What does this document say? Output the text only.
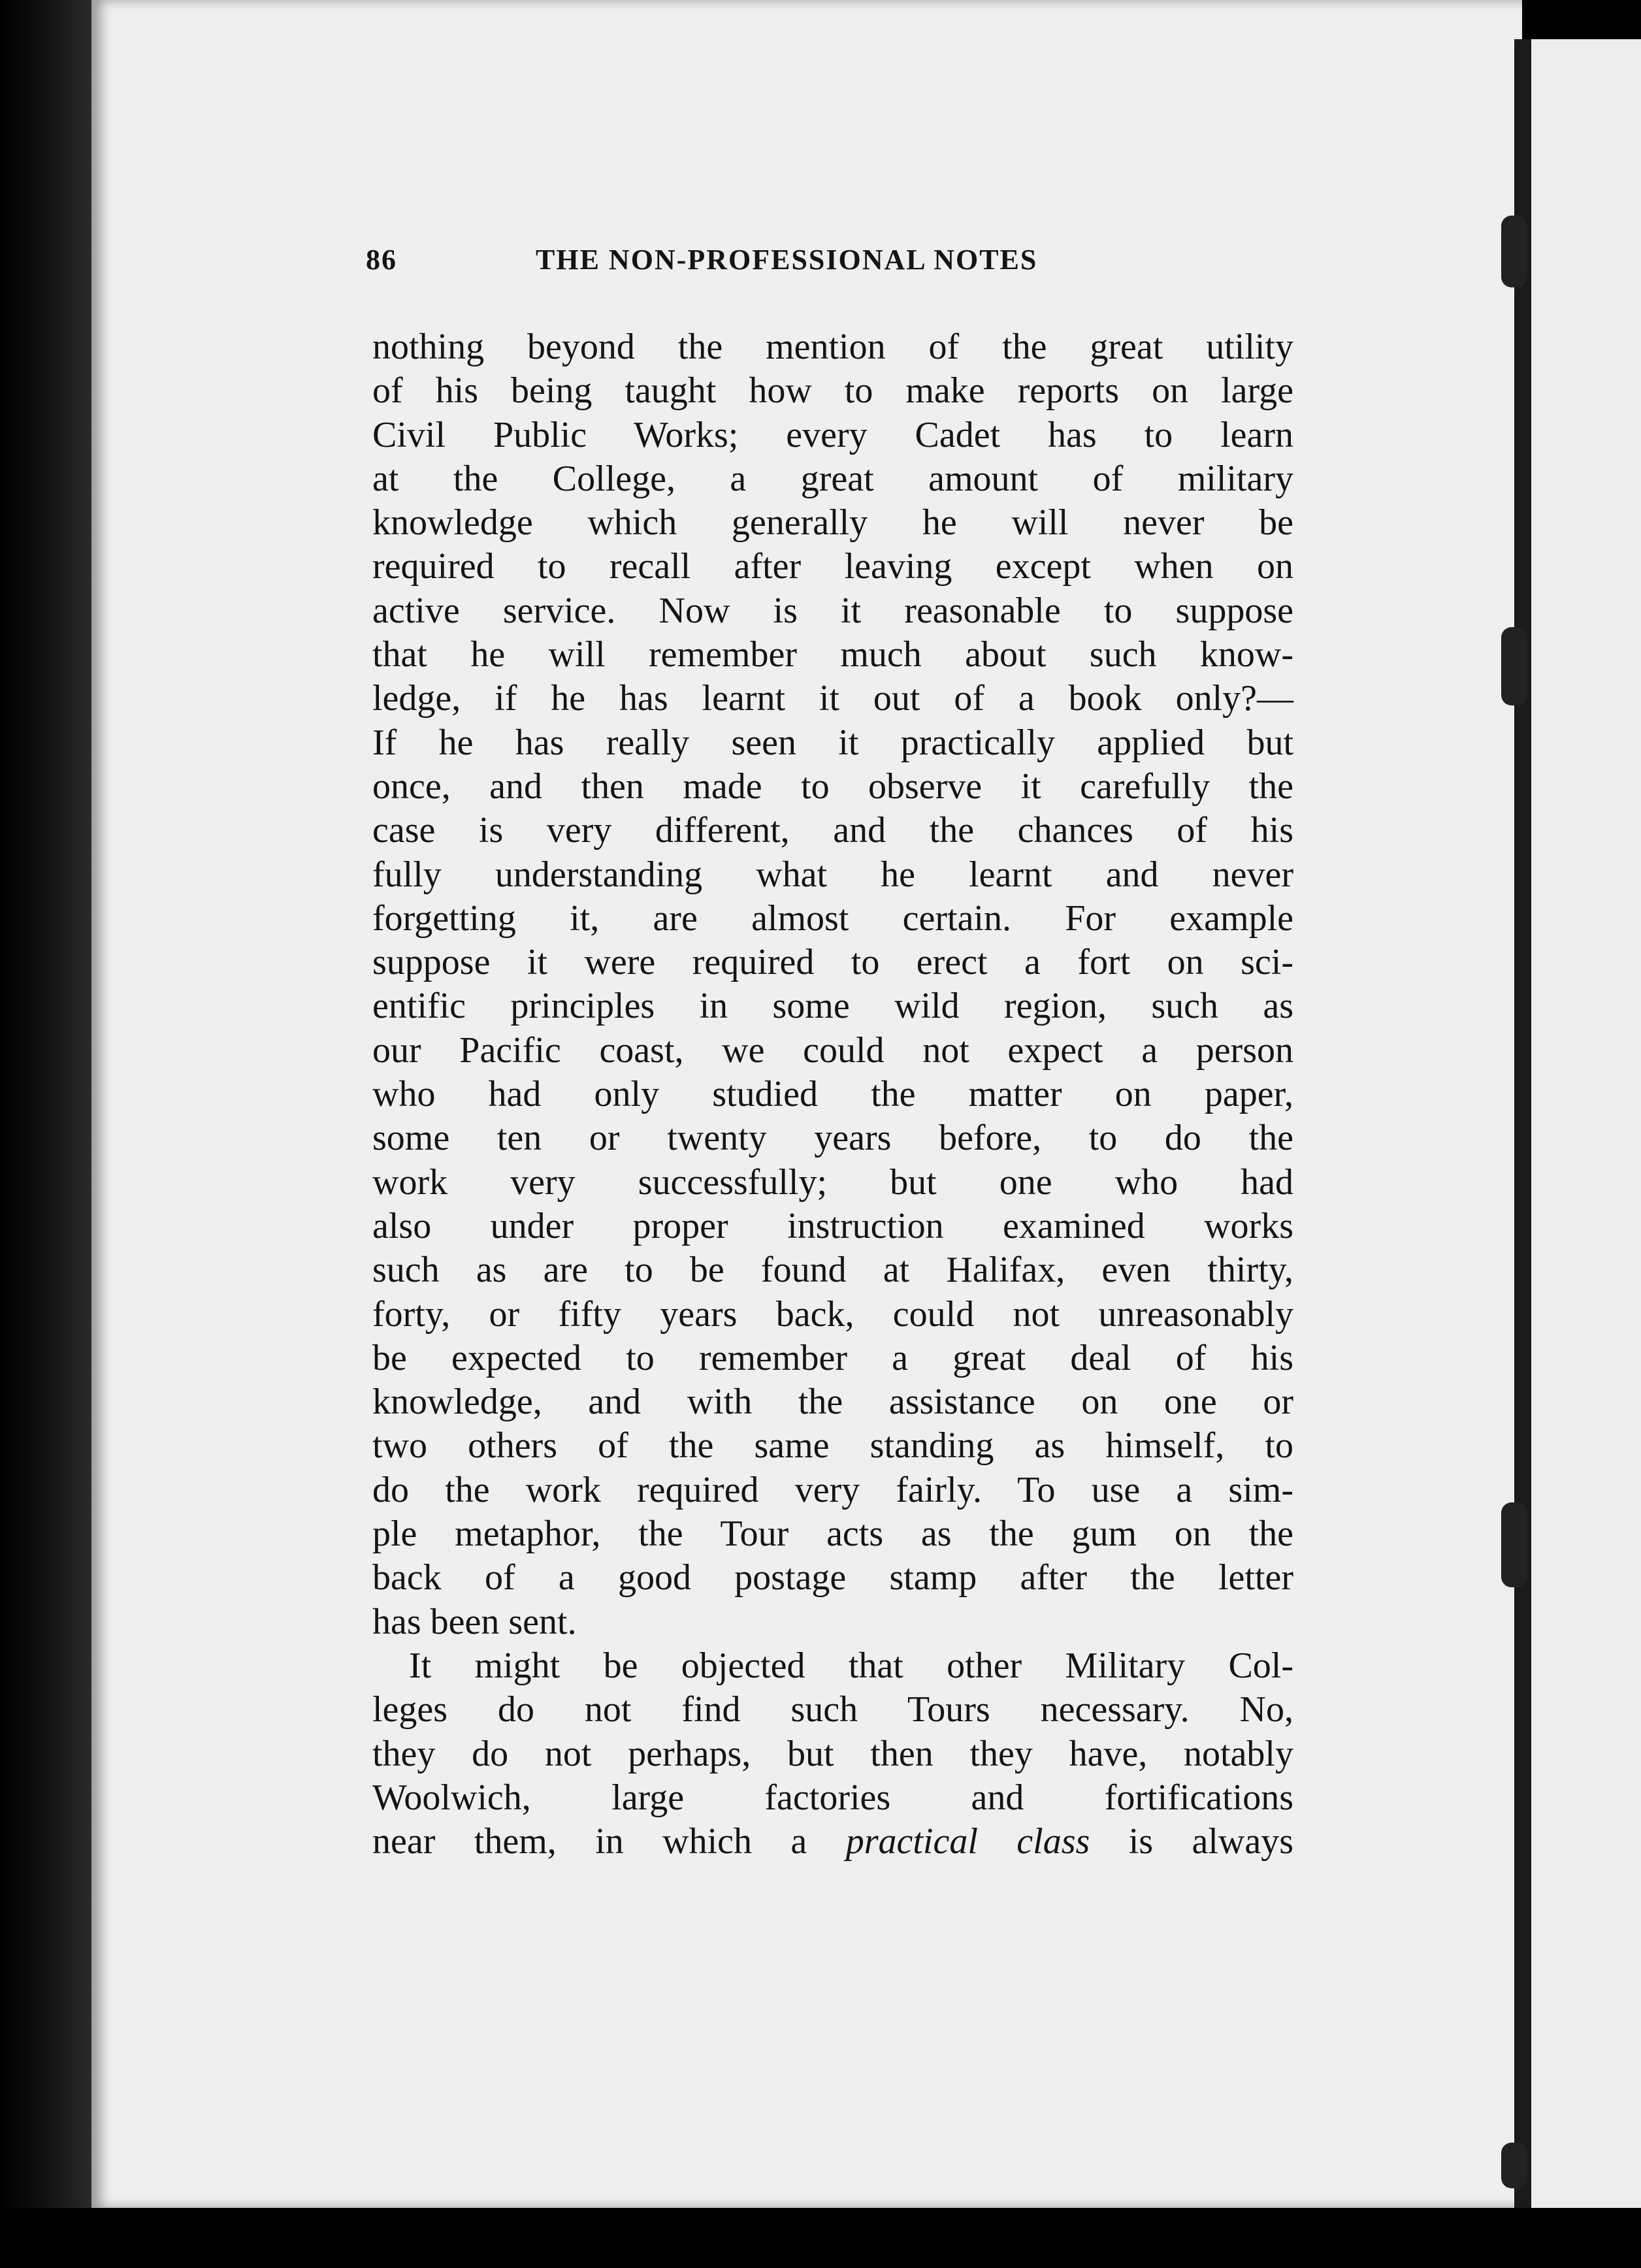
86	THE NON-PROFESSIONAL NOTES
nothing beyond the mention of the great utility
of his being taught how to make reports on large
Civil Public Works; every Cadet has to learn
at the College, a great amount of military
knowledge which generally he will never be
required to recall after leaving except when on
active service. Now is it reasonable to suppose
that he will remember much about such know-
ledge, if he has learnt it out of a book only?—
If he has really seen it practically applied but
once, and then made to observe it carefully the
case is very different, and the chances of his
fully understanding what he learnt and never
forgetting it, are almost certain. For example
suppose it were required to erect a fort on sci-
entific principles in some wild region, such as
our Pacific coast, we could not expect a person
who had only studied the matter on paper,
some ten or twenty years before, to do the
work very successfully; but one who had
also under proper instruction examined works
such as are to be found at Halifax, even thirty,
forty, or fifty years back, could not unreasonably
be expected to remember a great deal of his
knowledge, and with the assistance on one or
two others of the same standing as himself, to
do the work required very fairly. To use a sim-
ple metaphor, the Tour acts as the gum on the
back of a good postage stamp after the letter
has been sent.
It might be objected that other Military Col-
leges do not find such Tours necessary. No,
they do not perhaps, but then they have, notably
Woolwich, large factories and fortifications
near them, in which a practical class is always
